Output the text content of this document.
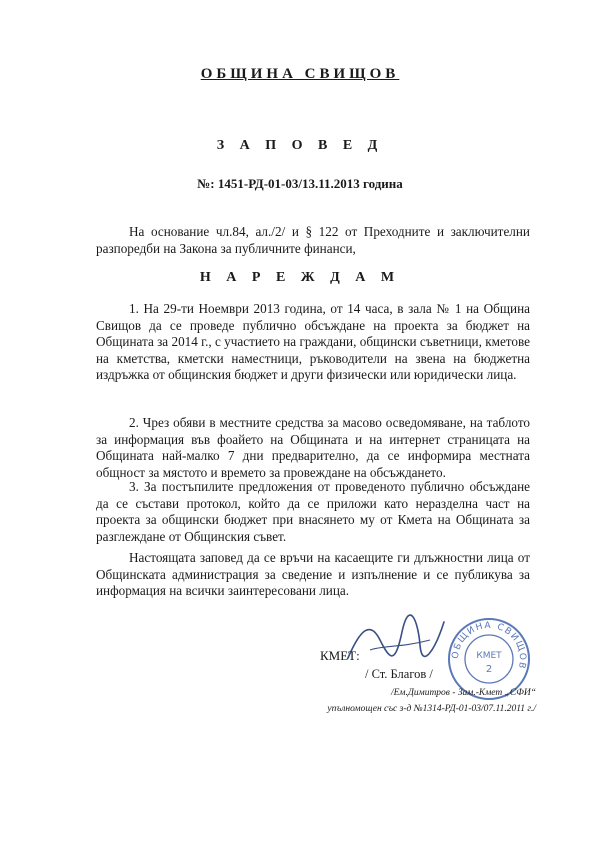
ОБЩИНА СВИЩОВ
З А П О В Е Д
№: 1451-РД-01-03/13.11.2013 година

На основание чл.84, ал./2/ и § 122 от Преходните и заключителни разпоредби на Закона за публичните финанси,

Н А Р Е Ж Д А М

1. На 29-ти Ноември 2013 година, от 14 часа, в зала № 1 на Община Свищов да се проведе публично обсъждане на проекта за бюджет на Общината за 2014 г., с участието на граждани, общински съветници, кметове на кметства, кметски наместници, ръководители на звена на бюджетна издръжка от общинския бюджет и други физически или юридически лица.

2. Чрез обяви в местните средства за масово осведомяване, на таблото за информация във фоайето на Общината и на интернет страницата на Общината най-малко 7 дни предварително, да се информира местната общност за мястото и времето за провеждане на обсъждането.

3. За постъпилите предложения от проведеното публично обсъждане да се състави протокол, който да се приложи като неразделна част на проекта за общински бюджет при внасянето му от Кмета на Общината за разглеждане от Общинския съвет.

Настоящата заповед да се връчи на касаещите ги длъжностни лица от Общинската администрация за сведение и изпълнение и се публикува за информация на всички заинтересовани лица.

ОБЩИНА СВИЩОВ
КМЕТ
2
КМЕТ:
/ Ст. Благов /
/Ем.Димитров - Зам.-Кмет „СФИ“
упълномощен със з-д №1314-РД-01-03/07.11.2011 г./
